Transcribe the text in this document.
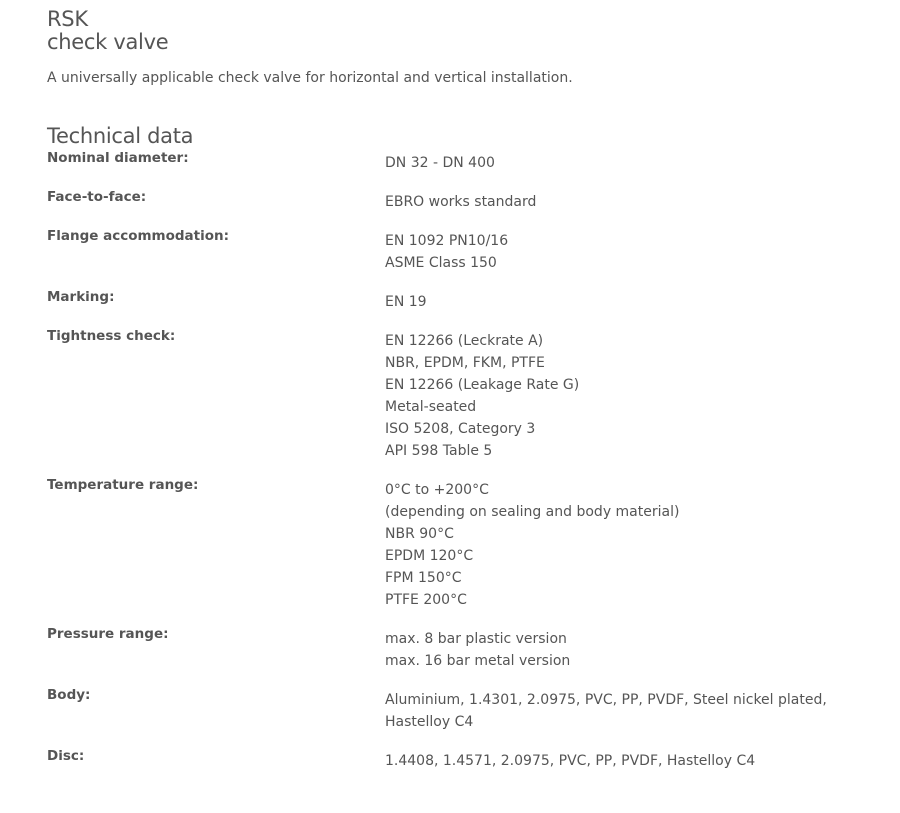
RSK
check valve

A universally applicable check valve for horizontal and vertical installation.

Technical data
Nominal diameter:	DN 32 - DN 400
Face-to-face:	EBRO works standard
Flange accommodation:	EN 1092 PN10/16
ASME Class 150
Marking:	EN 19
Tightness check:	EN 12266 (Leckrate A)
NBR, EPDM, FKM, PTFE
EN 12266 (Leakage Rate G)
Metal-seated
ISO 5208, Category 3
API 598 Table 5
Temperature range:	0°C to +200°C
(depending on sealing and body material)
NBR 90°C
EPDM 120°C
FPM 150°C
PTFE 200°C
Pressure range:	max. 8 bar plastic version
max. 16 bar metal version
Body:	Aluminium, 1.4301, 2.0975, PVC, PP, PVDF, Steel nickel plated, Hastelloy C4
Disc:	1.4408, 1.4571, 2.0975, PVC, PP, PVDF, Hastelloy C4
